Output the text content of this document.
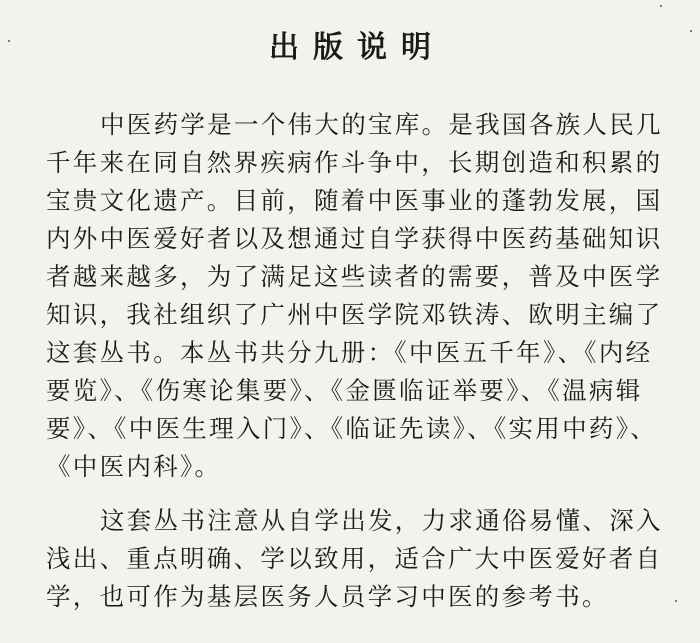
出版说明
中医药学是一个伟大的宝库。是我国各族人民几
千年来在同自然界疾病作斗争中，长期创造和积累的
宝贵文化遗产。目前，随着中医事业的蓬勃发展，国
内外中医爱好者以及想通过自学获得中医药基础知识
者越来越多，为了满足这些读者的需要，普及中医学
知识，我社组织了广州中医学院邓铁涛、欧明主编了
这套丛书。本丛书共分九册：《中医五千年》、《内经
要览》、《伤寒论集要》、《金匮临证举要》、《温病辑
要》、《中医生理入门》、《临证先读》、《实用中药》、
《中医内科》。
这套丛书注意从自学出发，力求通俗易懂、深入
浅出、重点明确、学以致用，适合广大中医爱好者自
学，也可作为基层医务人员学习中医的参考书。
